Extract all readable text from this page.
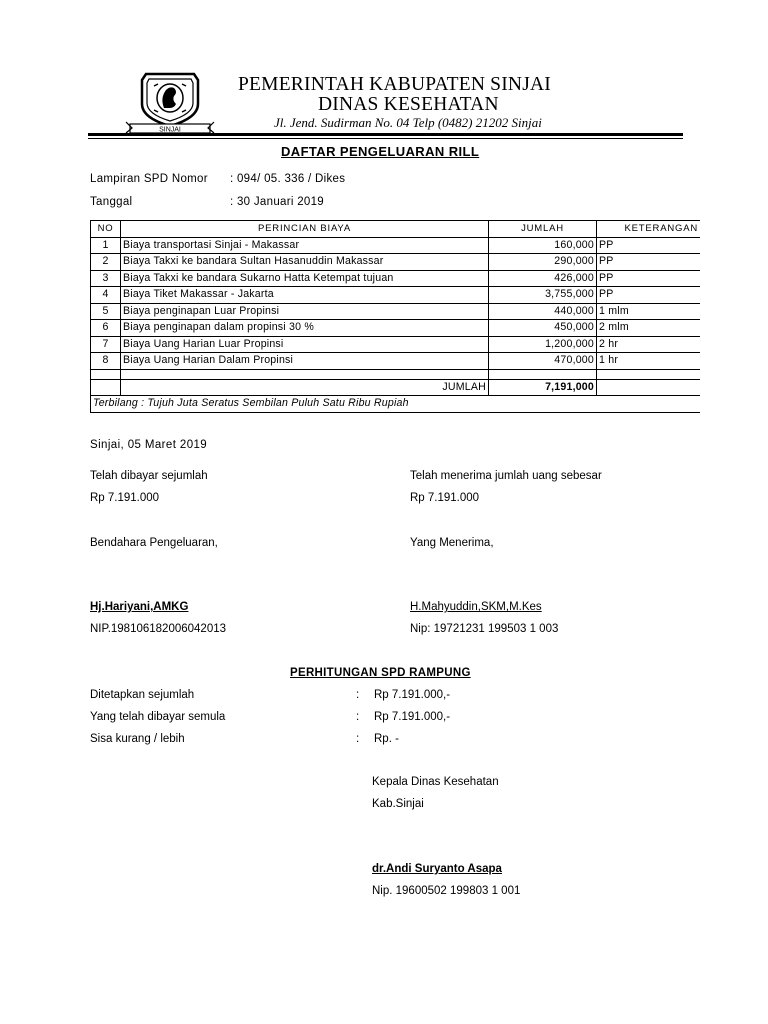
SINJAI
PEMERINTAH KABUPATEN SINJAI
DINAS KESEHATAN
Jl. Jend. Sudirman No. 04 Telp (0482) 21202 Sinjai
DAFTAR PENGELUARAN RILL
Lampiran SPD Nomor : 094/ 05. 336 / Dikes
Tanggal	: 30 Januari 2019
NO	PERINCIAN BIAYA	JUMLAH	KETERANGAN
1	Biaya transportasi Sinjai - Makassar	160,000	PP
2	Biaya Takxi ke bandara Sultan Hasanuddin Makassar	290,000	PP
3	Biaya Takxi ke bandara Sukarno Hatta Ketempat tujuan	426,000	PP
4	Biaya Tiket Makassar - Jakarta	3,755,000	PP
5	Biaya penginapan Luar Propinsi	440,000	1 mlm
6	Biaya penginapan dalam propinsi 30 %	450,000	2 mlm
7	Biaya Uang Harian Luar Propinsi	1,200,000	2 hr
8	Biaya Uang Harian Dalam Propinsi	470,000	1 hr

	JUMLAH	7,191,000	
Terbilang : Tujuh Juta Seratus Sembilan Puluh Satu Ribu Rupiah			
Sinjai, 05 Maret 2019
Telah dibayar sejumlah
Rp 7.191.000
Bendahara Pengeluaran,
Hj.Hariyani,AMKG
NIP.198106182006042013
Telah menerima jumlah uang sebesar
Rp 7.191.000
Yang Menerima,
H.Mahyuddin,SKM,M.Kes
Nip: 19721231 199503 1 003
PERHITUNGAN SPD RAMPUNG
Ditetapkan sejumlah	: Rp 7.191.000,-
Yang telah dibayar semula	: Rp 7.191.000,-
Sisa kurang / lebih	: Rp. -
Kepala Dinas Kesehatan
Kab.Sinjai
dr.Andi Suryanto Asapa
Nip. 19600502 199803 1 001
